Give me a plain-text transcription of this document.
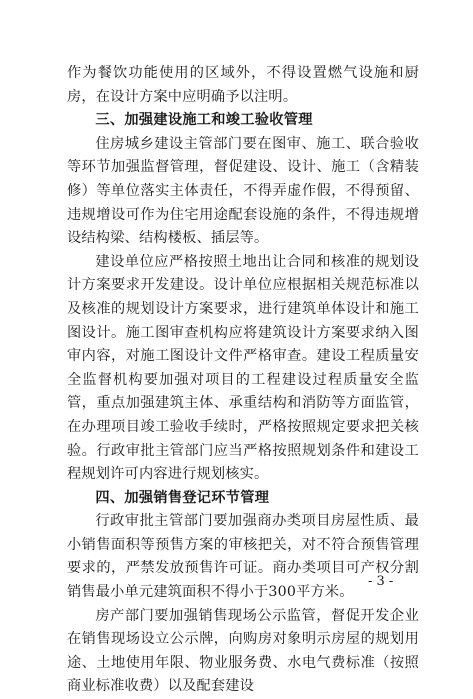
作为餐饮功能使用的区域外，不得设置燃气设施和厨房，在设计方案中应明确予以注明。

三、加强建设施工和竣工验收管理

住房城乡建设主管部门要在图审、施工、联合验收等环节加强监督管理，督促建设、设计、施工（含精装修）等单位落实主体责任，不得弄虚作假，不得预留、违规增设可作为住宅用途配套设施的条件，不得违规增设结构梁、结构楼板、插层等。

建设单位应严格按照土地出让合同和核准的规划设计方案要求开发建设。设计单位应根据相关规范标准以及核准的规划设计方案要求，进行建筑单体设计和施工图设计。施工图审查机构应将建筑设计方案要求纳入图审内容，对施工图设计文件严格审查。建设工程质量安全监督机构要加强对项目的工程建设过程质量安全监管，重点加强建筑主体、承重结构和消防等方面监管，在办理项目竣工验收手续时，严格按照规定要求把关核验。行政审批主管部门应当严格按照规划条件和建设工程规划许可内容进行规划核实。

四、加强销售登记环节管理

行政审批主管部门要加强商办类项目房屋性质、最小销售面积等预售方案的审核把关，对不符合预售管理要求的，严禁发放预售许可证。商办类项目可产权分割销售最小单元建筑面积不得小于300平方米。

房产部门要加强销售现场公示监管，督促开发企业在销售现场设立公示牌，向购房对象明示房屋的规划用途、土地使用年限、物业服务费、水电气费标准（按照商业标准收费）以及配套建设

- 3 -
